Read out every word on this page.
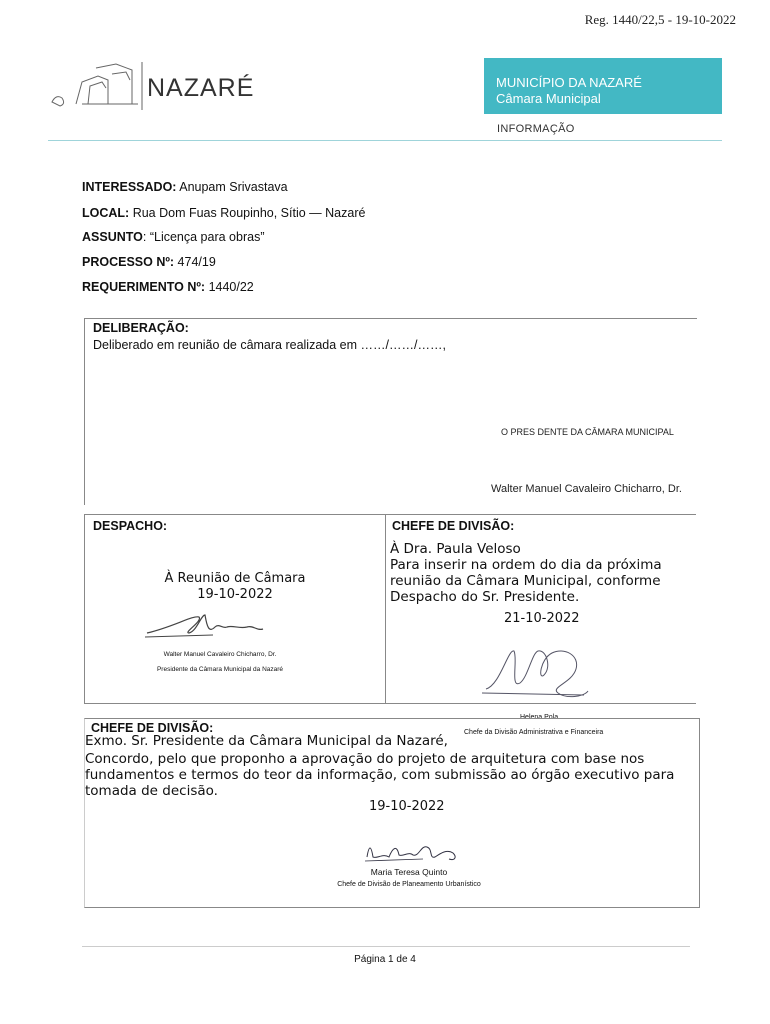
Reg. 1440/22,5 - 19-10-2022
NAZARÉ	MUNICÍPIO DA NAZARÉ
Câmara Municipal
INFORMAÇÃO
INTERESSADO: Anupam Srivastava
LOCAL: Rua Dom Fuas Roupinho, Sítio — Nazaré
ASSUNTO: “Licença para obras”
PROCESSO Nº: 474/19
REQUERIMENTO Nº: 1440/22
DELIBERAÇÃO:
Deliberado em reunião de câmara realizada em ……/……/……,
O PRES DENTE DA CÂMARA MUNICIPAL
Walter Manuel Cavaleiro Chicharro, Dr.
DESPACHO:
À Reunião de Câmara
19-10-2022
Walter Manuel Cavaleiro Chicharro, Dr.
Presidente da Câmara Municipal da Nazaré
CHEFE DE DIVISÃO:
À Dra. Paula Veloso
Para inserir na ordem do dia da próxima
reunião da Câmara Municipal, conforme
Despacho do Sr. Presidente.
21-10-2022
Helena Pola
Chefe da Divisão Administrativa e Financeira
CHEFE DE DIVISÃO:
Exmo. Sr. Presidente da Câmara Municipal da Nazaré,
Concordo, pelo que proponho a aprovação do projeto de arquitetura com base nos
fundamentos e termos do teor da informação, com submissão ao órgão executivo para
tomada de decisão.
19-10-2022
Maria Teresa Quinto
Chefe de Divisão de Planeamento Urbanístico
Página 1 de 4
